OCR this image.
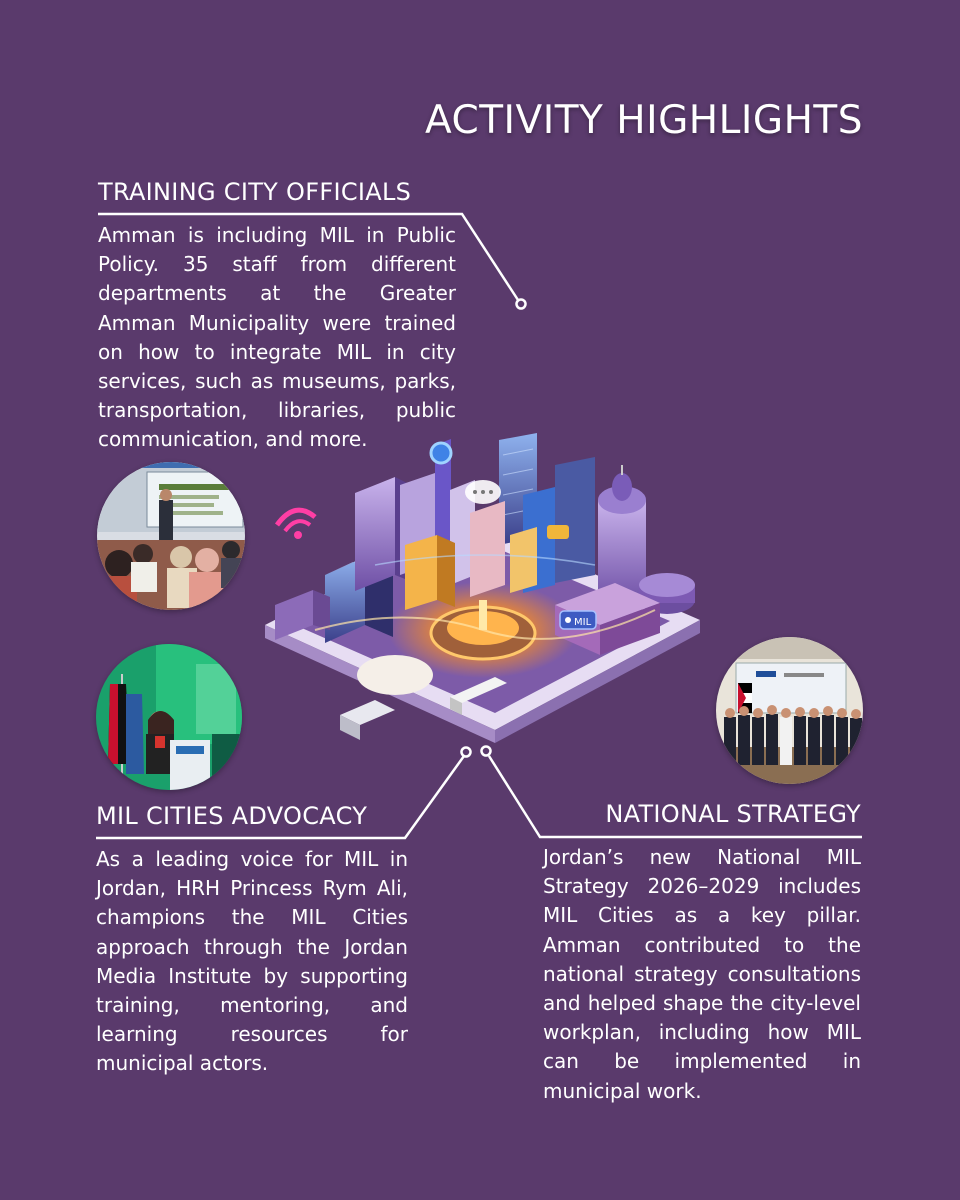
ACTIVITY HIGHLIGHTS
TRAINING CITY OFFICIALS
Amman is including MIL in Public Policy. 35 staff from different departments at the Greater Amman Municipality were trained on how to integrate MIL in city services, such as museums, parks, transportation, libraries, public communication, and more.
MIL CITIES ADVOCACY
As a leading voice for MIL in Jordan, HRH Princess Rym Ali, champions the MIL Cities approach through the Jordan Media Institute by supporting training, mentoring, and learning resources for municipal actors.
NATIONAL STRATEGY
Jordan’s new National MIL Strategy 2026–2029 includes MIL Cities as a key pillar. Amman contributed to the national strategy consultations and helped shape the city-level workplan, including how MIL can be implemented in municipal work.
MIL
